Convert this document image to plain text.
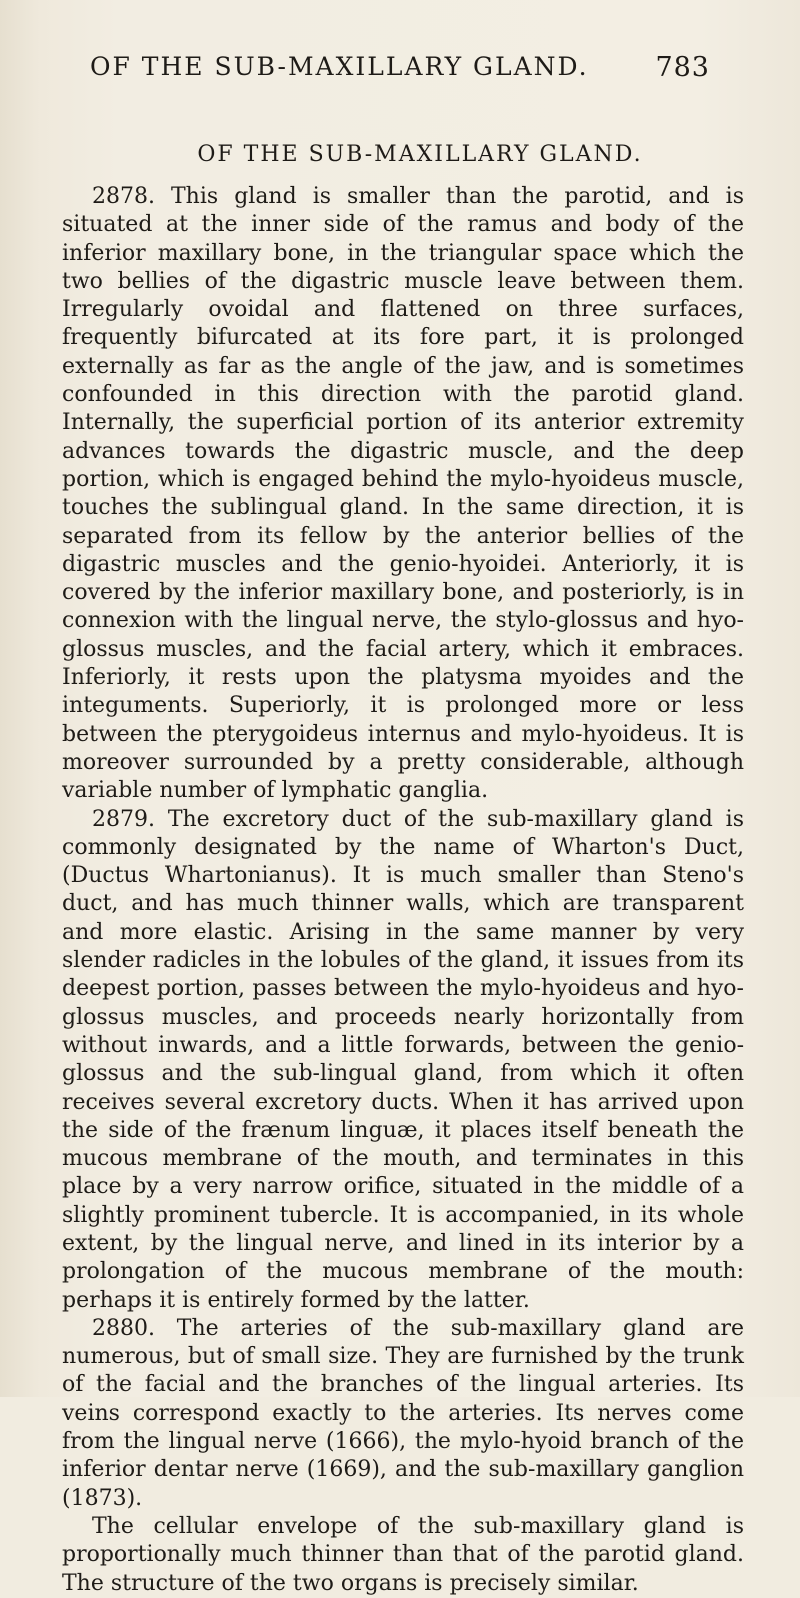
OF THE SUB-MAXILLARY GLAND. 783
OF THE SUB-MAXILLARY GLAND.

2878. This gland is smaller than the parotid, and is situated at the inner side of the ramus and body of the inferior maxillary bone, in the triangular space which the two bellies of the digastric muscle leave between them. Irregularly ovoidal and flattened on three surfaces, frequently bifurcated at its fore part, it is prolonged externally as far as the angle of the jaw, and is sometimes confounded in this direction with the parotid gland. Internally, the superficial portion of its anterior extremity advances towards the digastric muscle, and the deep portion, which is engaged behind the mylo-hyoideus muscle, touches the sublingual gland. In the same direction, it is separated from its fellow by the anterior bellies of the digastric muscles and the genio-hyoidei. Anteriorly, it is covered by the inferior maxillary bone, and posteriorly, is in connexion with the lingual nerve, the stylo-glossus and hyo-glossus muscles, and the facial artery, which it embraces. Inferiorly, it rests upon the platysma myoides and the integuments. Superiorly, it is prolonged more or less between the pterygoideus internus and mylo-hyoideus. It is moreover surrounded by a pretty considerable, although variable number of lymphatic ganglia.

2879. The excretory duct of the sub-maxillary gland is commonly designated by the name of Wharton's Duct, (Ductus Whartonianus). It is much smaller than Steno's duct, and has much thinner walls, which are transparent and more elastic. Arising in the same manner by very slender radicles in the lobules of the gland, it issues from its deepest portion, passes between the mylo-hyoideus and hyo-glossus muscles, and proceeds nearly horizontally from without inwards, and a little forwards, between the genio-glossus and the sub-lingual gland, from which it often receives several excretory ducts. When it has arrived upon the side of the frænum linguæ, it places itself beneath the mucous membrane of the mouth, and terminates in this place by a very narrow orifice, situated in the middle of a slightly prominent tubercle. It is accompanied, in its whole extent, by the lingual nerve, and lined in its interior by a prolongation of the mucous membrane of the mouth: perhaps it is entirely formed by the latter.

2880. The arteries of the sub-maxillary gland are numerous, but of small size. They are furnished by the trunk of the facial and the branches of the lingual arteries. Its veins correspond exactly to the arteries. Its nerves come from the lingual nerve (1666), the mylo-hyoid branch of the inferior dentar nerve (1669), and the sub-maxillary ganglion (1873).

The cellular envelope of the sub-maxillary gland is proportionally much thinner than that of the parotid gland. The structure of the two organs is precisely similar.
